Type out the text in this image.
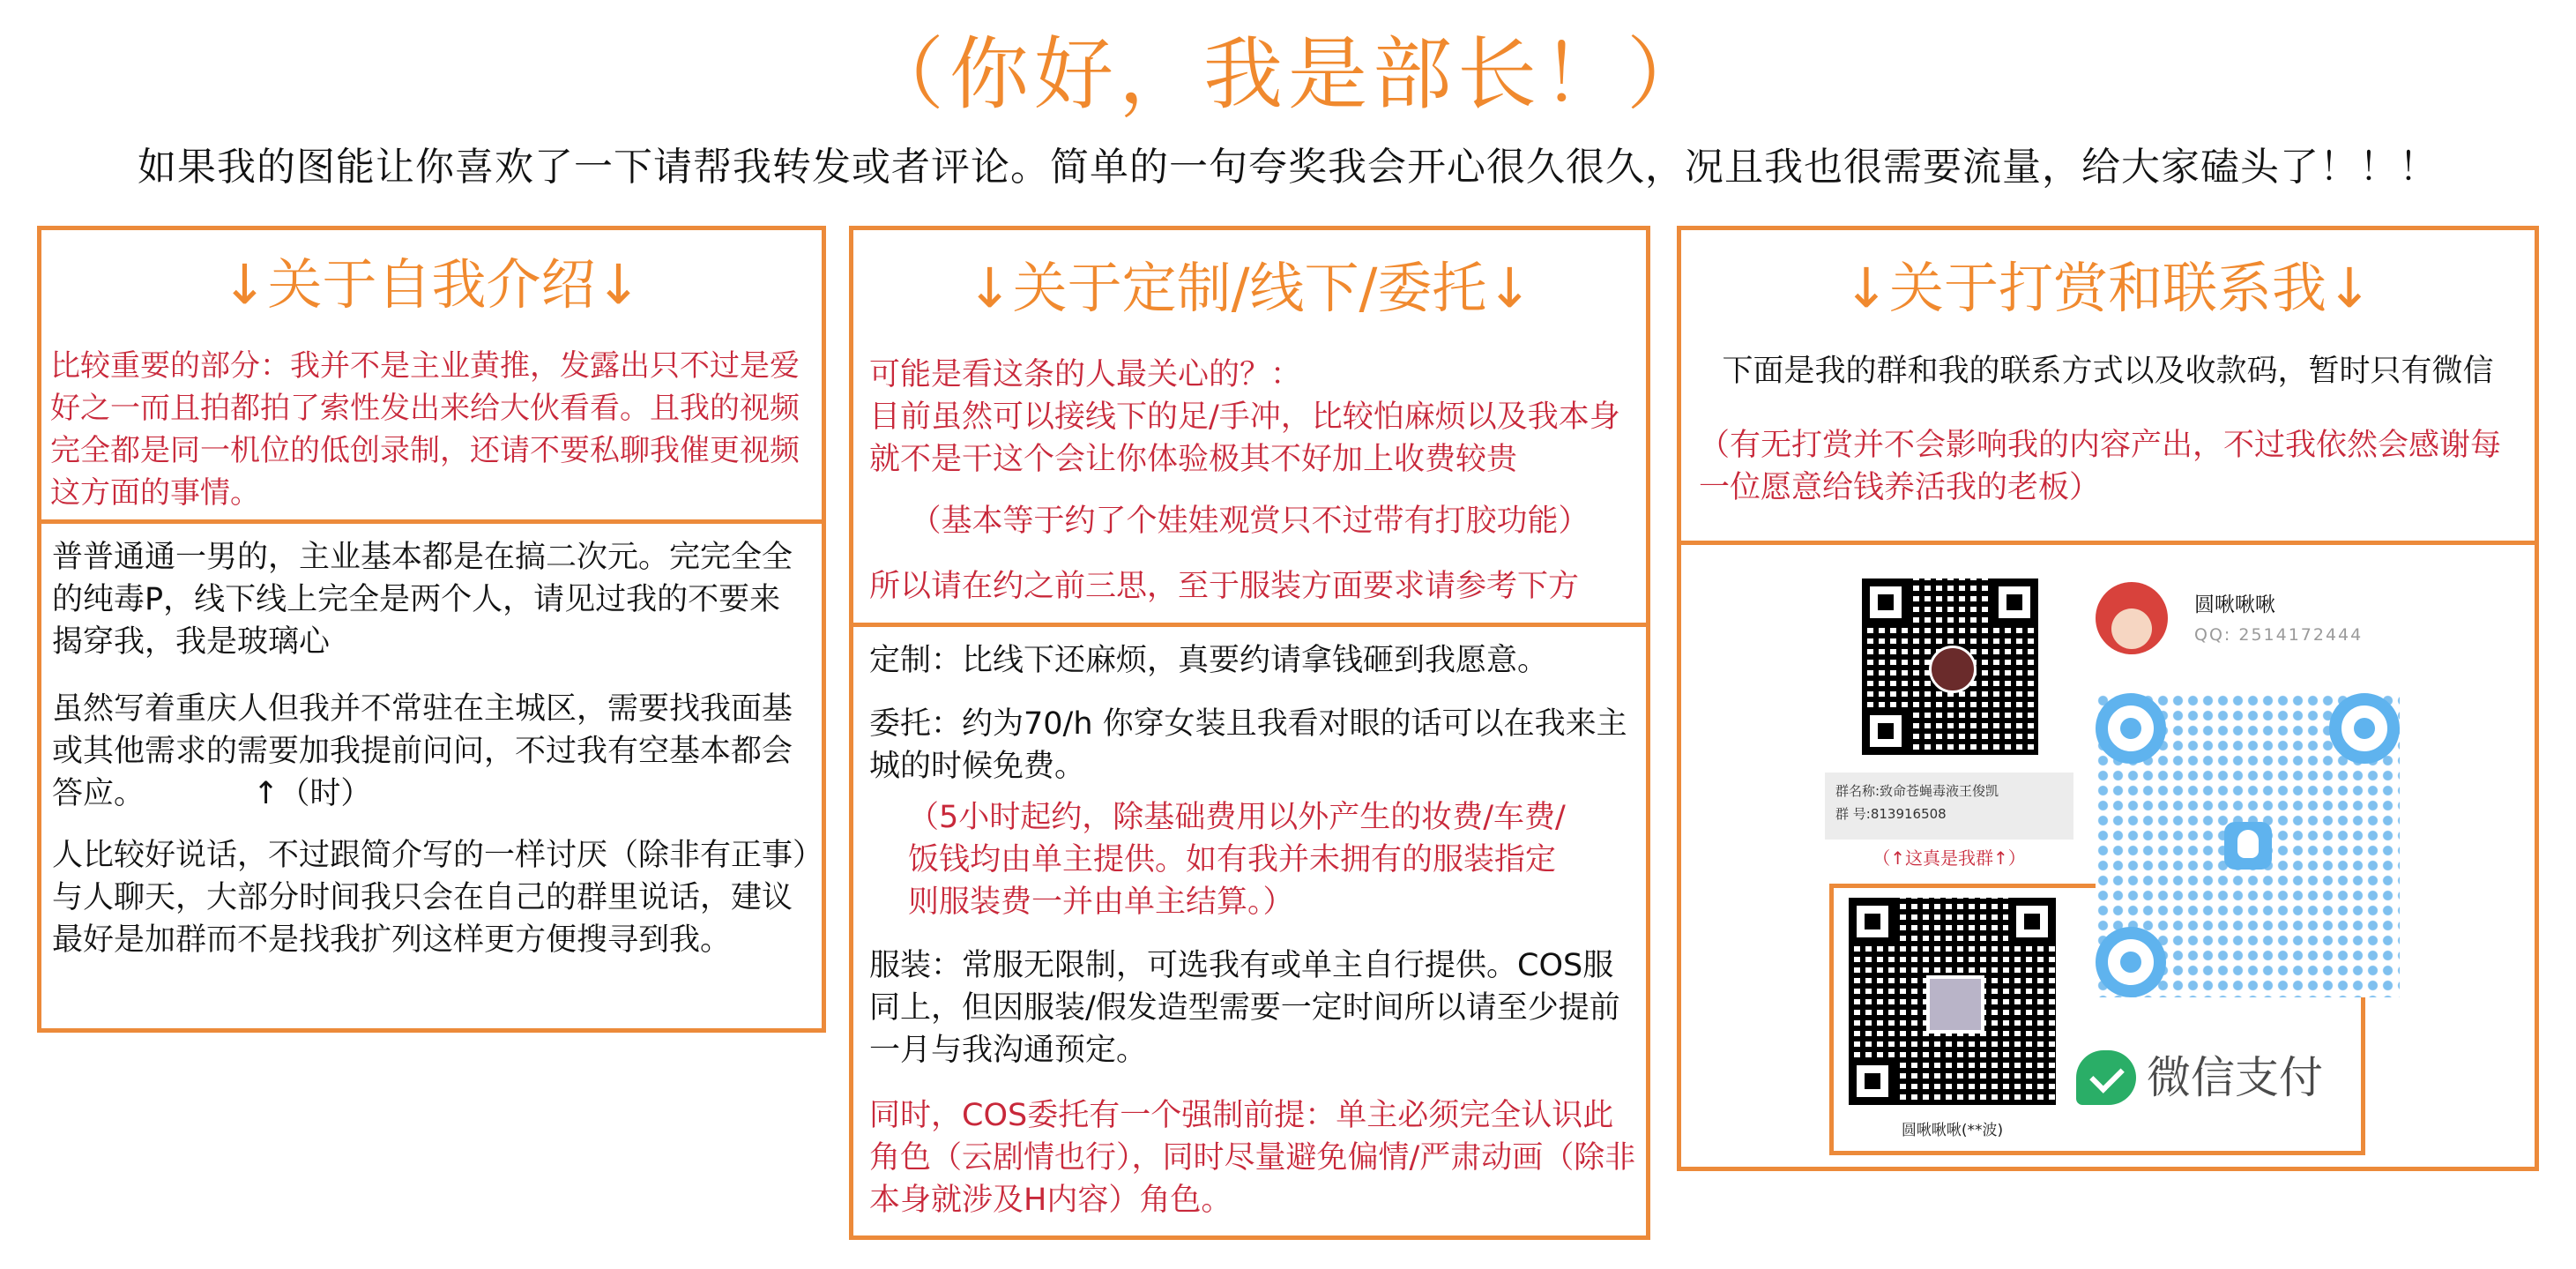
（你好，我是部长！）
如果我的图能让你喜欢了一下请帮我转发或者评论。简单的一句夸奖我会开心很久很久，况且我也很需要流量，给大家磕头了！！！
↓关于自我介绍↓
比较重要的部分：我并不是主业黄推，发露出只不过是爱好之一而且拍都拍了索性发出来给大伙看看。且我的视频完全都是同一机位的低创录制，还请不要私聊我催更视频这方面的事情。
普普通通一男的，主业基本都是在搞二次元。完完全全的纯毒P，线下线上完全是两个人，请见过我的不要来揭穿我，我是玻璃心
虽然写着重庆人但我并不常驻在主城区，需要找我面基或其他需求的需要加我提前问问，不过我有空基本都会答应。	↑（时）
人比较好说话，不过跟简介写的一样讨厌（除非有正事）与人聊天，大部分时间我只会在自己的群里说话，建议最好是加群而不是找我扩列这样更方便搜寻到我。
↓关于定制/线下/委托↓
可能是看这条的人最关心的？：
目前虽然可以接线下的足/手冲，比较怕麻烦以及我本身就不是干这个会让你体验极其不好加上收费较贵
（基本等于约了个娃娃观赏只不过带有打胶功能）
所以请在约之前三思，至于服装方面要求请参考下方
定制：比线下还麻烦，真要约请拿钱砸到我愿意。
委托：约为70/h 你穿女装且我看对眼的话可以在我来主城的时候免费。
（5小时起约，除基础费用以外产生的妆费/车费/饭钱均由单主提供。如有我并未拥有的服装指定则服装费一并由单主结算。）
服装：常服无限制，可选我有或单主自行提供。COS服同上，但因服装/假发造型需要一定时间所以请至少提前一月与我沟通预定。
同时，COS委托有一个强制前提：单主必须完全认识此角色（云剧情也行），同时尽量避免偏情/严肃动画（除非本身就涉及H内容）角色。
↓关于打赏和联系我↓
下面是我的群和我的联系方式以及收款码，暂时只有微信
（有无打赏并不会影响我的内容产出，不过我依然会感谢每一位愿意给钱养活我的老板）
群名称:致命苍蝇毒液王俊凯
群 号:813916508
（↑这真是我群↑）
圆啾啾啾(**波)
微信支付
圆啾啾啾
QQ: 2514172444
